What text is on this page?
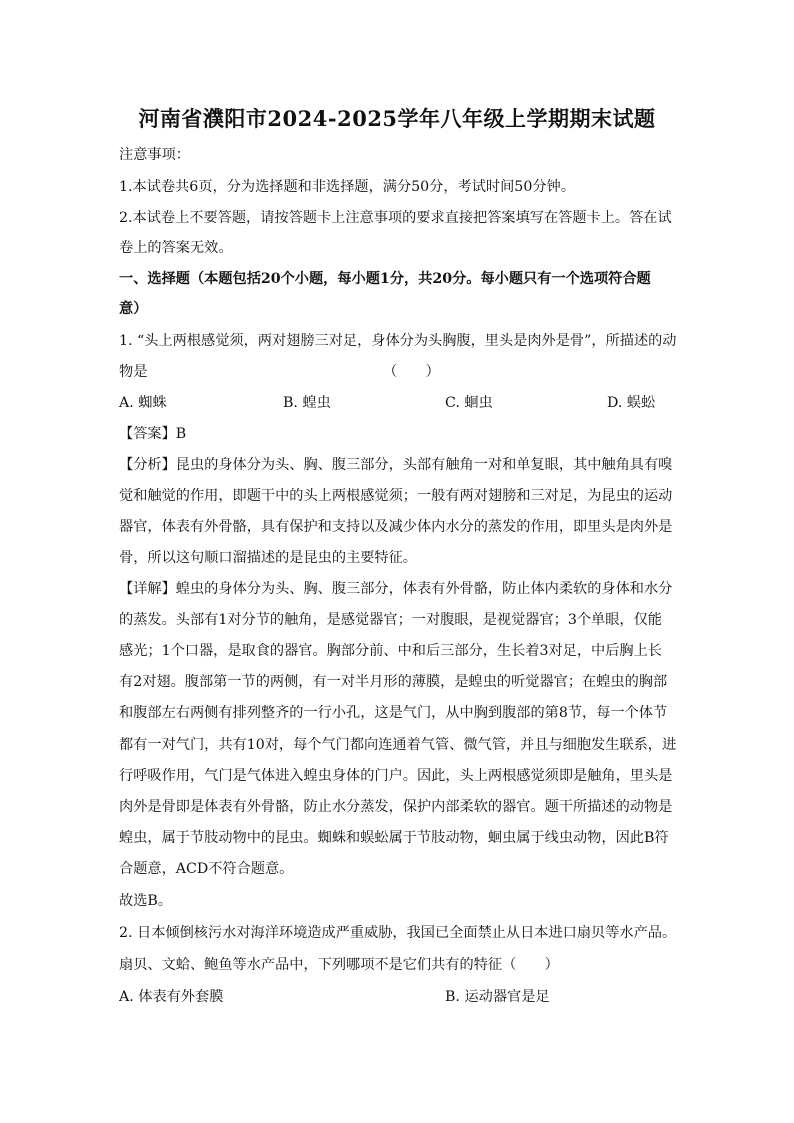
河南省濮阳市2024-2025学年八年级上学期期末试题
注意事项：
1.本试卷共6页，分为选择题和非选择题，满分50分，考试时间50分钟。
2.本试卷上不要答题，请按答题卡上注意事项的要求直接把答案填写在答题卡上。答在试
卷上的答案无效。
一、选择题（本题包括20个小题，每小题1分，共20分。每小题只有一个选项符合题
意）
1. “头上两根感觉须，两对翅膀三对足，身体分为头胸腹，里头是肉外是骨”，所描述的动
物是	（　　）
A. 蜘蛛	B. 蝗虫	C. 蛔虫	D. 蜈蚣
【答案】B
【分析】昆虫的身体分为头、胸、腹三部分，头部有触角一对和单复眼，其中触角具有嗅
觉和触觉的作用，即题干中的头上两根感觉须；一般有两对翅膀和三对足，为昆虫的运动
器官，体表有外骨骼，具有保护和支持以及减少体内水分的蒸发的作用，即里头是肉外是
骨，所以这句顺口溜描述的是昆虫的主要特征。
【详解】蝗虫的身体分为头、胸、腹三部分，体表有外骨骼，防止体内柔软的身体和水分
的蒸发。头部有1对分节的触角，是感觉器官；一对腹眼，是视觉器官；3个单眼，仅能
感光；1个口器，是取食的器官。胸部分前、中和后三部分，生长着3对足，中后胸上长
有2对翅。腹部第一节的两侧，有一对半月形的薄膜，是蝗虫的听觉器官；在蝗虫的胸部
和腹部左右两侧有排列整齐的一行小孔，这是气门，从中胸到腹部的第8节，每一个体节
都有一对气门，共有10对，每个气门都向连通着气管、微气管，并且与细胞发生联系，进
行呼吸作用，气门是气体进入蝗虫身体的门户。因此，头上两根感觉须即是触角，里头是
肉外是骨即是体表有外骨骼，防止水分蒸发，保护内部柔软的器官。题干所描述的动物是
蝗虫，属于节肢动物中的昆虫。蜘蛛和蜈蚣属于节肢动物，蛔虫属于线虫动物，因此B符
合题意，ACD不符合题意。
故选B。
2. 日本倾倒核污水对海洋环境造成严重威胁，我国已全面禁止从日本进口扇贝等水产品。
扇贝、文蛤、鲍鱼等水产品中，下列哪项不是它们共有的特征（　　）
A. 体表有外套膜	B. 运动器官是足
